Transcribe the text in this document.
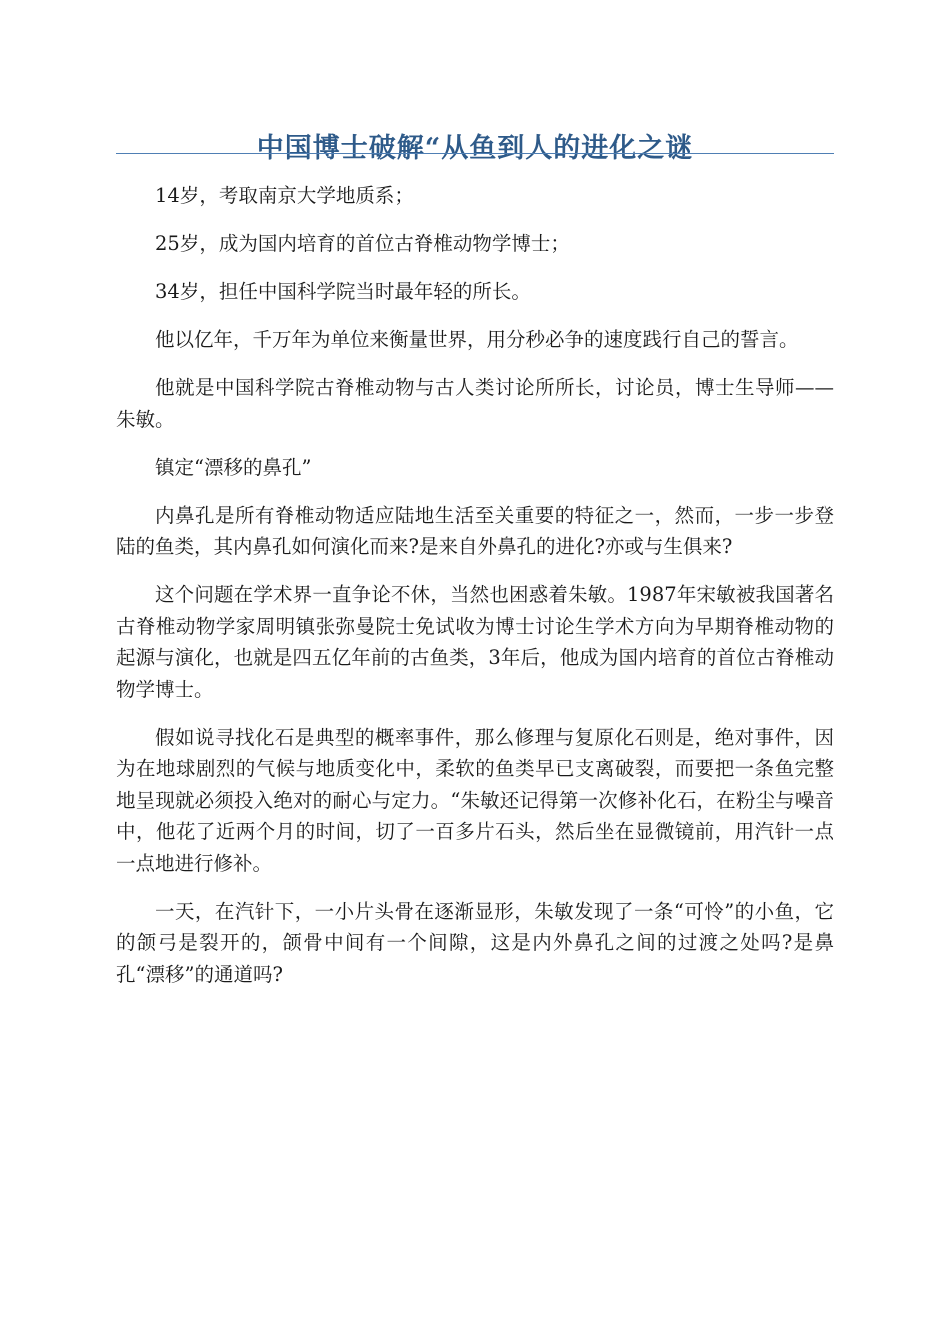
中国博士破解“从鱼到人的进化之谜

14岁，考取南京大学地质系；

25岁，成为国内培育的首位古脊椎动物学博士；

34岁，担任中国科学院当时最年轻的所长。

他以亿年，千万年为单位来衡量世界，用分秒必争的速度践行自己的誓言。

他就是中国科学院古脊椎动物与古人类讨论所所长，讨论员，博士生导师——朱敏。

镇定“漂移的鼻孔”

内鼻孔是所有脊椎动物适应陆地生活至关重要的特征之一，然而，一步一步登陆的鱼类，其内鼻孔如何演化而来?是来自外鼻孔的进化?亦或与生俱来?

这个问题在学术界一直争论不休，当然也困惑着朱敏。1987年宋敏被我国著名古脊椎动物学家周明镇张弥曼院士免试收为博士讨论生学术方向为早期脊椎动物的起源与演化，也就是四五亿年前的古鱼类，3年后，他成为国内培育的首位古脊椎动物学博士。

假如说寻找化石是典型的概率事件，那么修理与复原化石则是，绝对事件，因为在地球剧烈的气候与地质变化中，柔软的鱼类早已支离破裂，而要把一条鱼完整地呈现就必须投入绝对的耐心与定力。“朱敏还记得第一次修补化石，在粉尘与噪音中，他花了近两个月的时间，切了一百多片石头，然后坐在显微镜前，用汽针一点一点地进行修补。

一天，在汽针下，一小片头骨在逐渐显形，朱敏发现了一条“可怜”的小鱼，它的颌弓是裂开的，颌骨中间有一个间隙，这是内外鼻孔之间的过渡之处吗?是鼻孔“漂移”的通道吗?
